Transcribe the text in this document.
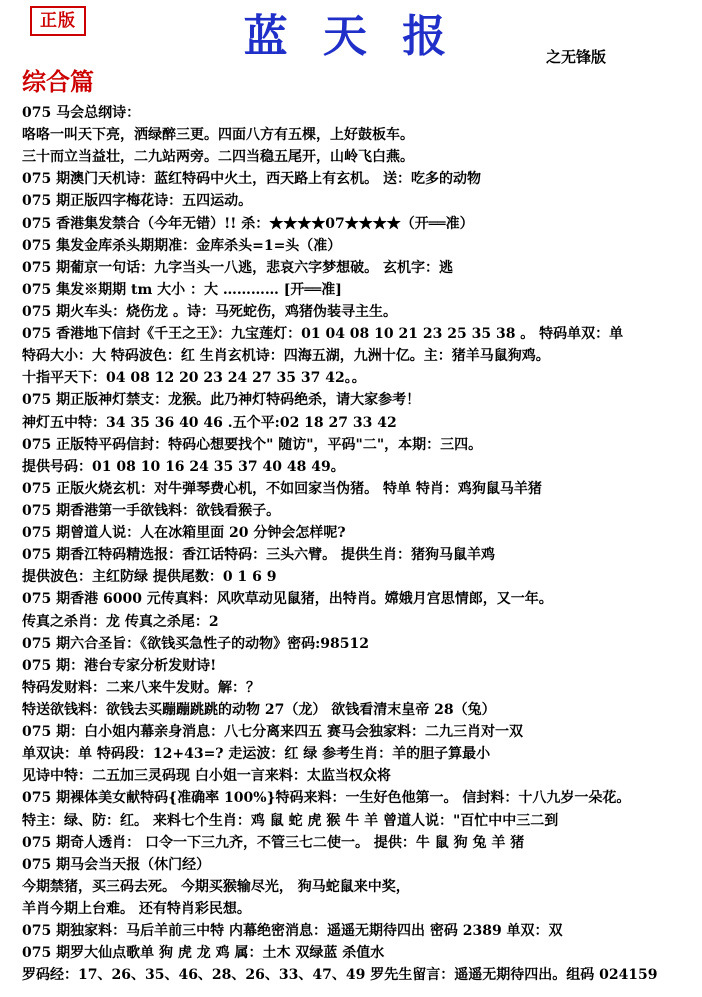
正版	蓝 天 报	之无锋版
综合篇
075 马会总纲诗：
咯咯一叫天下亮，洒绿醉三更。四面八方有五棵，上好鼓板车。
三十而立当益壮，二九站两旁。二四当稳五尾开，山岭飞白燕。
075 期澳门天机诗：蓝红特码中火土，西天路上有玄机。 送：吃多的动物
075 期正版四字梅花诗：五四运动。
075 香港集发禁合（今年无错）!! 杀：★★★★07★★★★（开══准）
075 集发金库杀头期期准：金库杀头=1=头（准）
075 期葡京一句话：九字当头一八逃，悲哀六字梦想破。 玄机字：逃
075 集发※期期 tm 大小 ：大 ………… [开══准]
075 期火车头：烧伤龙 。诗：马死蛇伤，鸡猪伪装寻主生。
075 香港地下信封《千王之王》：九宝莲灯：01 04 08 10 21 23 25 35 38 。 特码单双：单
特码大小：大 特码波色：红 生肖玄机诗：四海五湖，九洲十亿。主：猪羊马鼠狗鸡。
十指平天下：04 08 12 20 23 24 27 35 37 42。。
075 期正版神灯禁支：龙猴。此乃神灯特码绝杀，请大家参考！
神灯五中特：34 35 36 40 46 .五个平:02 18 27 33 42
075 正版特平码信封：特码心想要找个" 随访"，平码"二"，本期：三四。
提供号码：01 08 10 16 24 35 37 40 48 49。
075 正版火烧玄机：对牛弹琴费心机，不如回家当伪猪。 特单 特肖：鸡狗鼠马羊猪
075 期香港第一手欲钱料：欲钱看猴子。
075 期曾道人说：人在冰箱里面 20 分钟会怎样呢?
075 期香江特码精选报：香江话特码：三头六臂。 提供生肖：猪狗马鼠羊鸡
提供波色：主红防绿 提供尾数：0 1 6 9
075 期香港 6000 元传真料：风吹草动见鼠猪，出特肖。嫦娥月宫思情郎，又一年。
传真之杀肖：龙 传真之杀尾：2
075 期六合圣旨：《欲钱买急性子的动物》密码:98512
075 期：港台专家分析发财诗!
特码发财料：二来八来牛发财。解：？
特送欲钱料：欲钱去买蹦蹦跳跳的动物 27（龙） 欲钱看清末皇帝 28（兔）
075 期：白小姐内幕亲身消息：八七分离来四五 赛马会独家料：二九三肖对一双
单双诀：单 特码段：12+43=? 走运波：红 绿 参考生肖：羊的胆子算最小
见诗中特：二五加三灵码现 白小姐一言来料：太监当权众将
075 期裸体美女献特码{准确率 100%}特码来料：一生好色他第一。 信封料：十八九岁一朵花。
特主：绿、防：红。 来料七个生肖：鸡 鼠 蛇 虎 猴 牛 羊 曾道人说："百忙中中三二到
075 期奇人透肖： 口令一下三九齐，不管三七二使一。 提供：牛 鼠 狗 兔 羊 猪
075 期马会当天报（休门经）
今期禁猪，买三码去死。 今期买猴输尽光， 狗马蛇鼠来中奖，
羊肖今期上台难。 还有特肖彩民想。
075 期独家料：马后羊前三中特 内幕绝密消息：遥遥无期待四出 密码 2389 单双：双
075 期罗大仙点歌单 狗 虎 龙 鸡 属：土木 双绿蓝 杀值水
罗码经：17、26、35、46、28、26、33、47、49 罗先生留言：遥遥无期待四出。组码 024159
